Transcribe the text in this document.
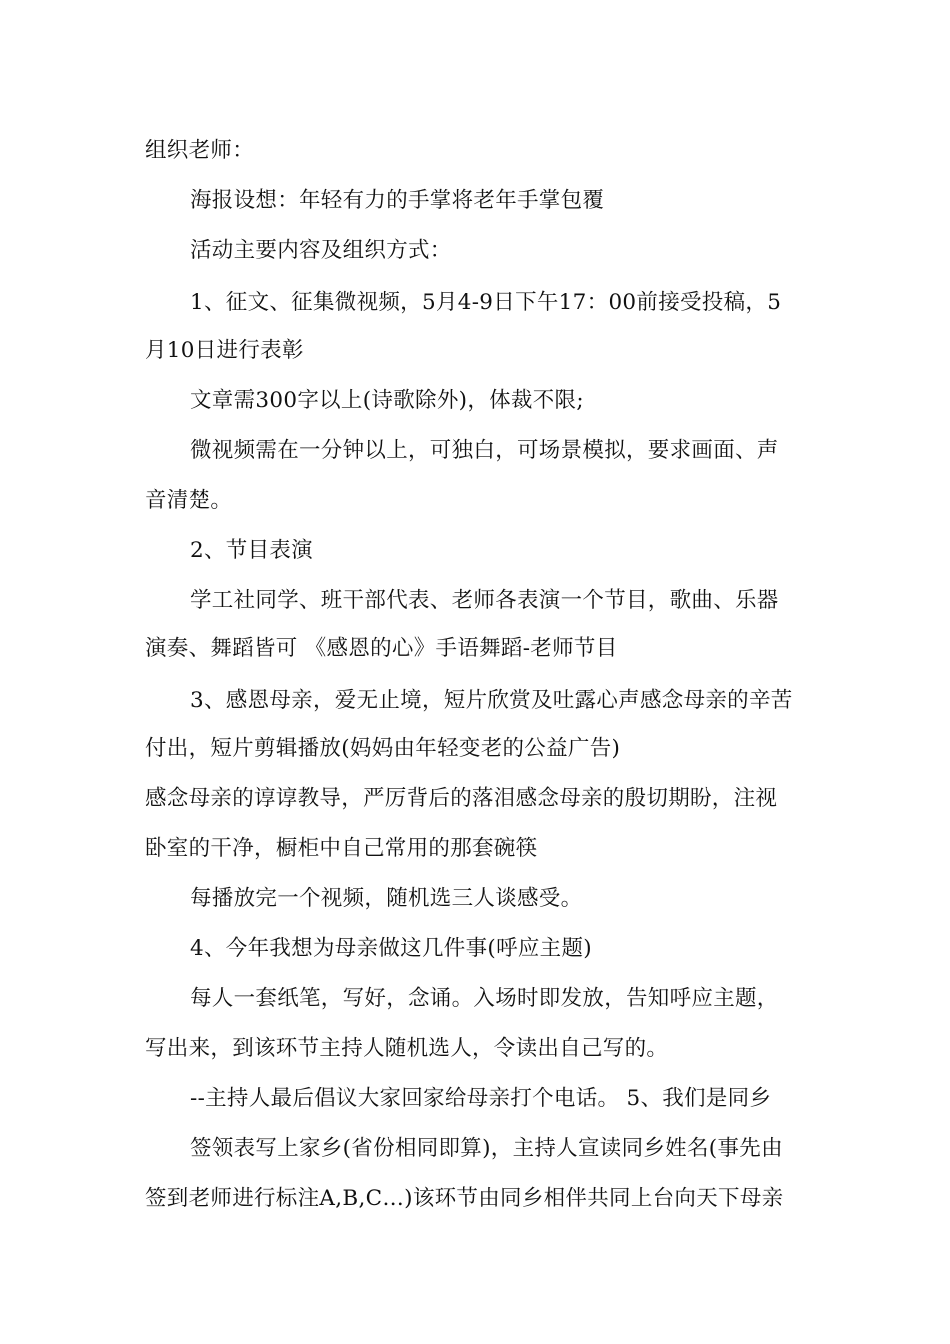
组织老师：
海报设想：年轻有力的手掌将老年手掌包覆
活动主要内容及组织方式：
1、征文、征集微视频，5月4-9日下午17：00前接受投稿，5
月10日进行表彰
文章需300字以上(诗歌除外)，体裁不限;
微视频需在一分钟以上，可独白，可场景模拟，要求画面、声
音清楚。
2、节目表演
学工社同学、班干部代表、老师各表演一个节目，歌曲、乐器
演奏、舞蹈皆可 《感恩的心》手语舞蹈-老师节目
3、感恩母亲，爱无止境，短片欣赏及吐露心声感念母亲的辛苦
付出，短片剪辑播放(妈妈由年轻变老的公益广告)
感念母亲的谆谆教导，严厉背后的落泪感念母亲的殷切期盼，注视
卧室的干净，橱柜中自己常用的那套碗筷
每播放完一个视频，随机选三人谈感受。
4、今年我想为母亲做这几件事(呼应主题)
每人一套纸笔，写好，念诵。入场时即发放，告知呼应主题，
写出来，到该环节主持人随机选人，令读出自己写的。
--主持人最后倡议大家回家给母亲打个电话。 5、我们是同乡
签领表写上家乡(省份相同即算)，主持人宣读同乡姓名(事先由
签到老师进行标注A,B,C…)该环节由同乡相伴共同上台向天下母亲
